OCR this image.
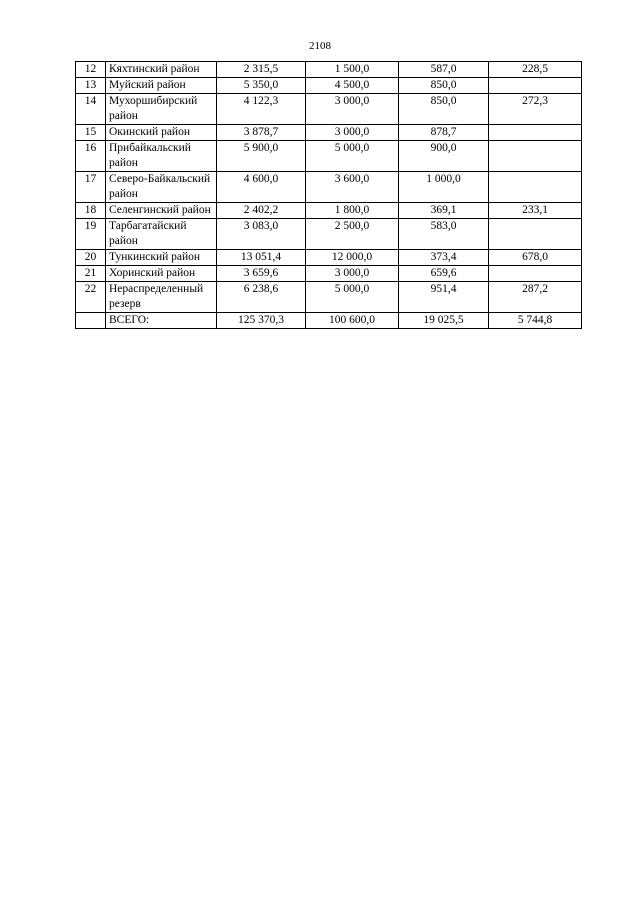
2108
12	Кяхтинский район	2 315,5	1 500,0	587,0	228,5
13	Муйский район	5 350,0	4 500,0	850,0	
14	Мухоршибирский район	4 122,3	3 000,0	850,0	272,3
15	Окинский район	3 878,7	3 000,0	878,7	
16	Прибайкальский район	5 900,0	5 000,0	900,0	
17	Северо-Байкальский район	4 600,0	3 600,0	1 000,0	
18	Селенгинский район	2 402,2	1 800,0	369,1	233,1
19	Тарбагатайский район	3 083,0	2 500,0	583,0	
20	Тункинский район	13 051,4	12 000,0	373,4	678,0
21	Хоринский район	3 659,6	3 000,0	659,6	
22	Нераспределенный резерв	6 238,6	5 000,0	951,4	287,2
	ВСЕГО:	125 370,3	100 600,0	19 025,5	5 744,8
